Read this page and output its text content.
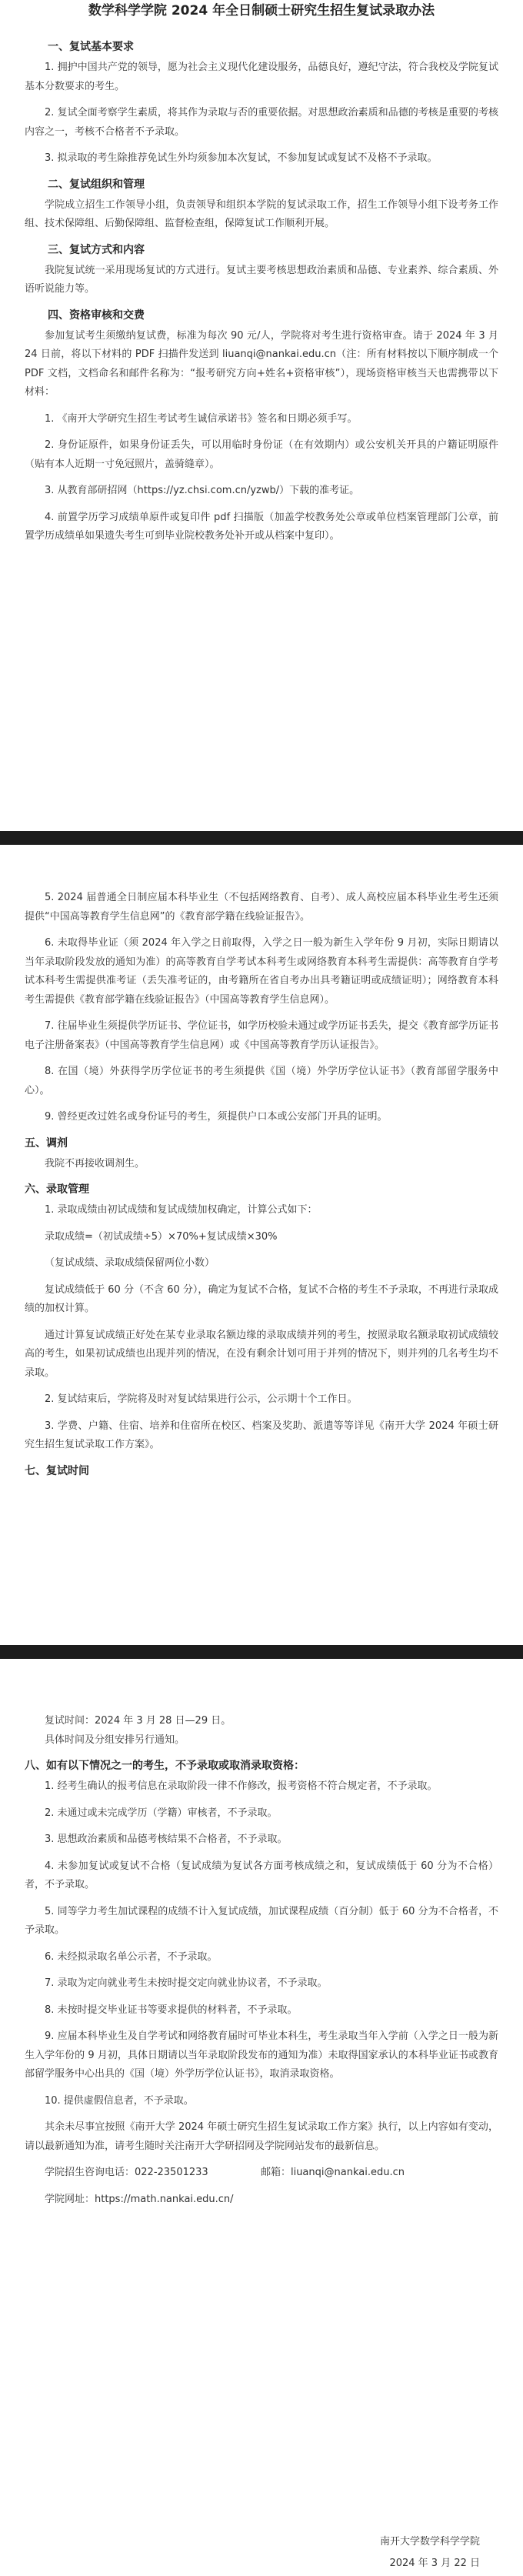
数学科学学院 2024 年全日制硕士研究生招生复试录取办法
一、复试基本要求

1. 拥护中国共产党的领导，愿为社会主义现代化建设服务，品德良好，遵纪守法，符合我校及学院复试基本分数要求的考生。

2. 复试全面考察学生素质，将其作为录取与否的重要依据。对思想政治素质和品德的考核是重要的考核内容之一，考核不合格者不予录取。

3. 拟录取的考生除推荐免试生外均须参加本次复试，不参加复试或复试不及格不予录取。

二、复试组织和管理

学院成立招生工作领导小组，负责领导和组织本学院的复试录取工作，招生工作领导小组下设考务工作组、技术保障组、后勤保障组、监督检查组，保障复试工作顺利开展。

三、复试方式和内容

我院复试统一采用现场复试的方式进行。复试主要考核思想政治素质和品德、专业素养、综合素质、外语听说能力等。

四、资格审核和交费

参加复试考生须缴纳复试费，标准为每次 90 元/人，学院将对考生进行资格审查。请于 2024 年 3 月 24 日前，将以下材料的 PDF 扫描件发送到 liuanqi@nankai.edu.cn（注：所有材料按以下顺序制成一个 PDF 文档，文档命名和邮件名称为：“报考研究方向+姓名+资格审核”），现场资格审核当天也需携带以下材料：

1. 《南开大学研究生招生考试考生诚信承诺书》签名和日期必须手写。

2. 身份证原件，如果身份证丢失，可以用临时身份证（在有效期内）或公安机关开具的户籍证明原件（贴有本人近期一寸免冠照片，盖骑缝章）。

3. 从教育部研招网（https://yz.chsi.com.cn/yzwb/）下载的准考证。

4. 前置学历学习成绩单原件或复印件 pdf 扫描版（加盖学校教务处公章或单位档案管理部门公章，前置学历成绩单如果遗失考生可到毕业院校教务处补开或从档案中复印）。

5. 2024 届普通全日制应届本科毕业生（不包括网络教育、自考）、成人高校应届本科毕业生考生还须提供“中国高等教育学生信息网”的《教育部学籍在线验证报告》。

6. 未取得毕业证（须 2024 年入学之日前取得，入学之日一般为新生入学年份 9 月初，实际日期请以当年录取阶段发放的通知为准）的高等教育自学考试本科考生或网络教育本科考生需提供：高等教育自学考试本科考生需提供准考证（丢失准考证的，由考籍所在省自考办出具考籍证明或成绩证明）；网络教育本科考生需提供《教育部学籍在线验证报告》（中国高等教育学生信息网）。

7. 往届毕业生须提供学历证书、学位证书，如学历校验未通过或学历证书丢失，提交《教育部学历证书电子注册备案表》（中国高等教育学生信息网）或《中国高等教育学历认证报告》。

8. 在国（境）外获得学历学位证书的考生须提供《国（境）外学历学位认证书》（教育部留学服务中心）。

9. 曾经更改过姓名或身份证号的考生，须提供户口本或公安部门开具的证明。

五、调剂

我院不再接收调剂生。

六、录取管理

1. 录取成绩由初试成绩和复试成绩加权确定，计算公式如下：

录取成绩=（初试成绩÷5）×70%+复试成绩×30%

（复试成绩、录取成绩保留两位小数）

复试成绩低于 60 分（不含 60 分），确定为复试不合格，复试不合格的考生不予录取，不再进行录取成绩的加权计算。

通过计算复试成绩正好处在某专业录取名额边缘的录取成绩并列的考生，按照录取名额录取初试成绩较高的考生，如果初试成绩也出现并列的情况，在没有剩余计划可用于并列的情况下，则并列的几名考生均不录取。

2. 复试结束后，学院将及时对复试结果进行公示，公示期十个工作日。

3. 学费、户籍、住宿、培养和住宿所在校区、档案及奖助、派遣等等详见《南开大学 2024 年硕士研究生招生复试录取工作方案》。

七、复试时间

复试时间：2024 年 3 月 28 日—29 日。

具体时间及分组安排另行通知。

八、如有以下情况之一的考生，不予录取或取消录取资格：

1. 经考生确认的报考信息在录取阶段一律不作修改，报考资格不符合规定者，不予录取。

2. 未通过或未完成学历（学籍）审核者，不予录取。

3. 思想政治素质和品德考核结果不合格者，不予录取。

4. 未参加复试或复试不合格（复试成绩为复试各方面考核成绩之和，复试成绩低于 60 分为不合格）者，不予录取。

5. 同等学力考生加试课程的成绩不计入复试成绩，加试课程成绩（百分制）低于 60 分为不合格者，不予录取。

6. 未经拟录取名单公示者，不予录取。

7. 录取为定向就业考生未按时提交定向就业协议者，不予录取。

8. 未按时提交毕业证书等要求提供的材料者，不予录取。

9. 应届本科毕业生及自学考试和网络教育届时可毕业本科生，考生录取当年入学前（入学之日一般为新生入学年份的 9 月初，具体日期请以当年录取阶段发布的通知为准）未取得国家承认的本科毕业证书或教育部留学服务中心出具的《国（境）外学历学位认证书》，取消录取资格。

10. 提供虚假信息者，不予录取。

其余未尽事宜按照《南开大学 2024 年硕士研究生招生复试录取工作方案》执行，以上内容如有变动，请以最新通知为准，请考生随时关注南开大学研招网及学院网站发布的最新信息。

学院招生咨询电话：022-23501233	邮箱：liuanqi@nankai.edu.cn

学院网址：https://math.nankai.edu.cn/

南开大学数学科学学院
2024 年 3 月 22 日
